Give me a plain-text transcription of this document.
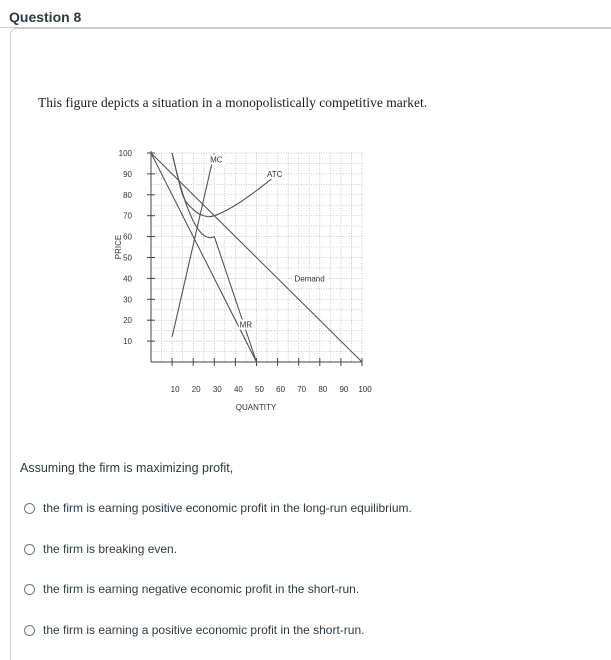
Question 8
This figure depicts a situation in a monopolistically competitive market.
100
90
80
70
60
50
40
30
20
10
10 20 30 40 50 60 70 80 90 100
PRICE
QUANTITY
MC
ATC
Demand
MR
Assuming the firm is maximizing profit,
the firm is earning positive economic profit in the long-run equilibrium.
the firm is breaking even.
the firm is earning negative economic profit in the short-run.
the firm is earning a positive economic profit in the short-run.
